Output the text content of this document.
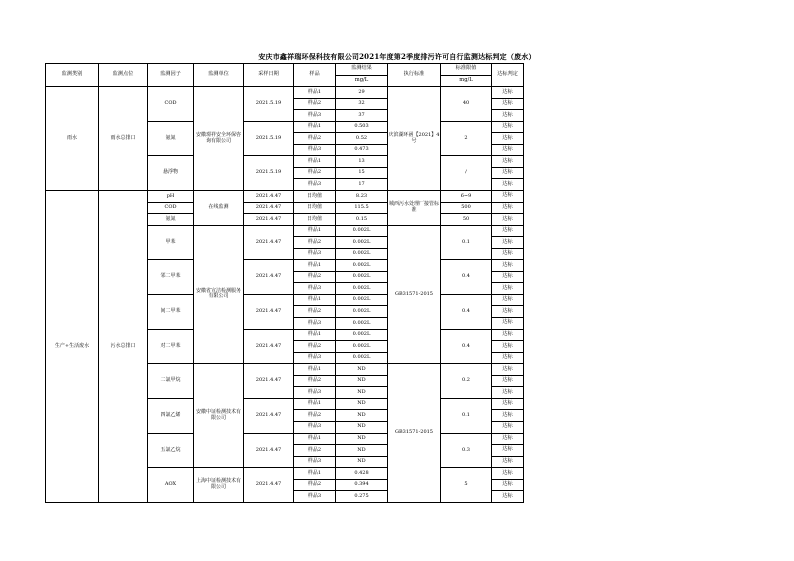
安庆市鑫祥瑞环保科技有限公司2021年度第2季度排污许可自行监测达标判定（废水）
监测类别	监测点位	监测因子	监测单位	采样日期	样品	监测结果	执行标准	标准限值	达标判定
						mg/L		mg/L	
雨水	雨水总排口	COD	安徽璟祥安全环保咨询有限公司	2021.5.19	样品1	29	庆滨湖环函【2021】4号	40	达标
					样品2	32			达标
					样品3	37			达标
		氨氮		2021.5.19	样品1	0.503		2	达标
					样品2	0.52			达标
					样品3	0.473			达标
		悬浮物		2021.5.19	样品1	13		/	达标
					样品2	15			达标
					样品3	17			达标
生产+生活废水	污水总排口	pH	在线监测	2021.4.47	日均值	8.23	城西污水处理厂接管标准	6~9	达标
		COD		2021.4.47	日均值	115.5		500	达标
		氨氮		2021.4.47	日均值	0.15		50	达标
		甲苯	安徽省宣洁检测服务有限公司	2021.4.47	样品1	0.002L	GB31571-2015	0.1	达标
					样品2	0.002L			达标
					样品3	0.002L			达标
		邻二甲苯		2021.4.47	样品1	0.002L		0.4	达标
					样品2	0.002L			达标
					样品3	0.002L			达标
		间二甲苯		2021.4.47	样品1	0.002L		0.4	达标
					样品2	0.002L			达标
					样品3	0.002L			达标
		对二甲苯		2021.4.47	样品1	0.002L		0.4	达标
					样品2	0.002L			达标
					样品3	0.002L			达标
		二氯甲烷	安徽中证检测技术有限公司	2021.4.47	样品1	ND	GB31571-2015	0.2	达标
					样品2	ND			达标
					样品3	ND			达标
		四氯乙烯		2021.4.47	样品1	ND		0.1	达标
					样品2	ND			达标
					样品3	ND			达标
		五氯乙烷		2021.4.47	样品1	ND		0.3	达标
					样品2	ND			达标
					样品3	ND			达标
		AOX	上海中证检测技术有限公司	2021.4.47	样品1	0.428		5	达标
					样品2	0.394			达标
					样品3	0.275			达标
